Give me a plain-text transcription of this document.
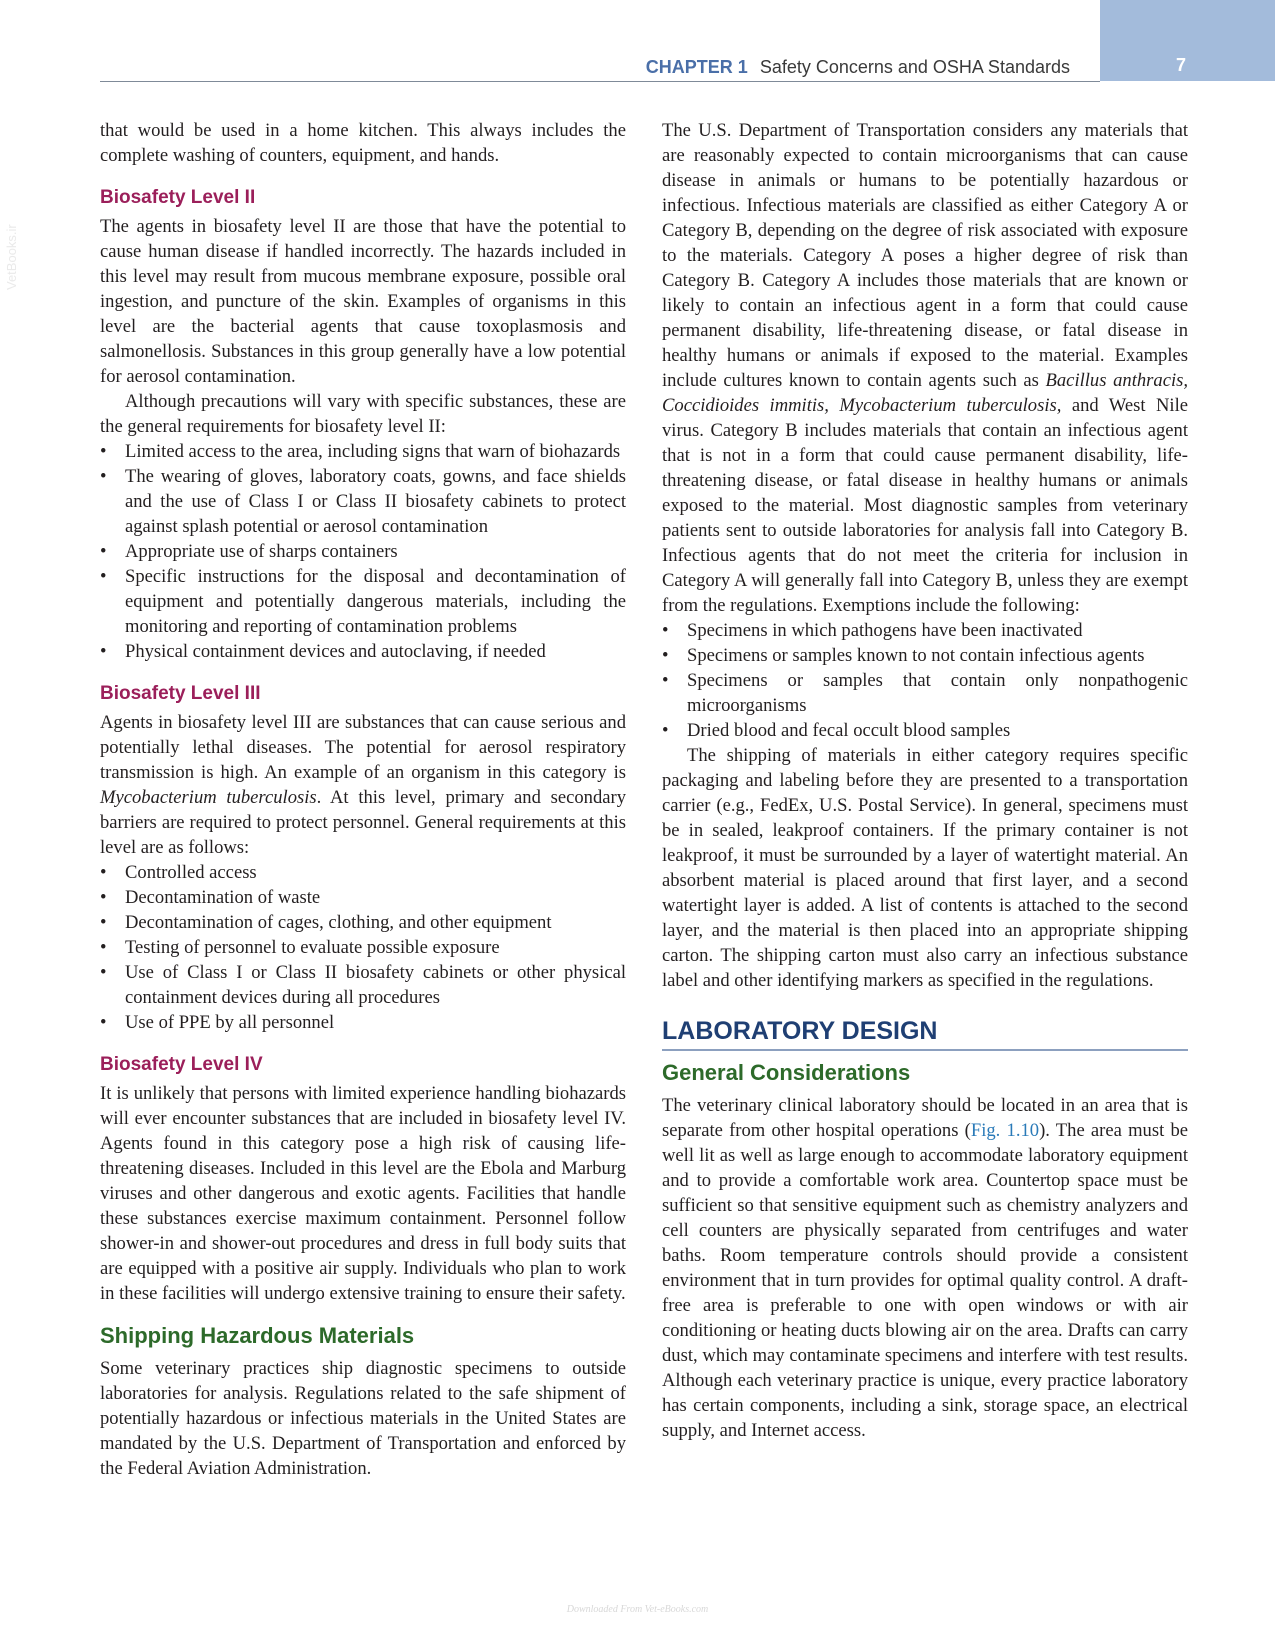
7
CHAPTER 1 Safety Concerns and OSHA Standards
VetBooks.ir

that would be used in a home kitchen. This always includes the complete washing of counters, equipment, and hands.

Biosafety Level II

The agents in biosafety level II are those that have the potential to cause human disease if handled incorrectly. The hazards included in this level may result from mucous membrane exposure, possible oral ingestion, and puncture of the skin. Examples of organisms in this level are the bacterial agents that cause toxoplasmosis and salmonellosis. Substances in this group generally have a low potential for aerosol contamination.

Although precautions will vary with specific substances, these are the general requirements for biosafety level II:

• Limited access to the area, including signs that warn of biohazards
• The wearing of gloves, laboratory coats, gowns, and face shields and the use of Class I or Class II biosafety cabinets to protect against splash potential or aerosol contamination
• Appropriate use of sharps containers
• Specific instructions for the disposal and decontamination of equipment and potentially dangerous materials, including the monitoring and reporting of contamination problems
• Physical containment devices and autoclaving, if needed
Biosafety Level III

Agents in biosafety level III are substances that can cause serious and potentially lethal diseases. The potential for aerosol respiratory transmission is high. An example of an organism in this category is Mycobacterium tuberculosis. At this level, primary and secondary barriers are required to protect personnel. General requirements at this level are as follows:

• Controlled access
• Decontamination of waste
• Decontamination of cages, clothing, and other equipment
• Testing of personnel to evaluate possible exposure
• Use of Class I or Class II biosafety cabinets or other physical containment devices during all procedures
• Use of PPE by all personnel
Biosafety Level IV

It is unlikely that persons with limited experience handling biohazards will ever encounter substances that are included in biosafety level IV. Agents found in this category pose a high risk of causing life-threatening diseases. Included in this level are the Ebola and Marburg viruses and other dangerous and exotic agents. Facilities that handle these substances exercise maximum containment. Personnel follow shower-in and shower-out procedures and dress in full body suits that are equipped with a positive air supply. Individuals who plan to work in these facilities will undergo extensive training to ensure their safety.

Shipping Hazardous Materials

Some veterinary practices ship diagnostic specimens to outside laboratories for analysis. Regulations related to the safe shipment of potentially hazardous or infectious materials in the United States are mandated by the U.S. Department of Transportation and enforced by the Federal Aviation Administration.

The U.S. Department of Transportation considers any materials that are reasonably expected to contain microorganisms that can cause disease in animals or humans to be potentially hazardous or infectious. Infectious materials are classified as either Category A or Category B, depending on the degree of risk associated with exposure to the materials. Category A poses a higher degree of risk than Category B. Category A includes those materials that are known or likely to contain an infectious agent in a form that could cause permanent disability, life-threatening disease, or fatal disease in healthy humans or animals if exposed to the material. Examples include cultures known to contain agents such as Bacillus anthracis, Coccidioides immitis, Mycobacterium tuberculosis, and West Nile virus. Category B includes materials that contain an infectious agent that is not in a form that could cause permanent disability, life-threatening disease, or fatal disease in healthy humans or animals exposed to the material. Most diagnostic samples from veterinary patients sent to outside laboratories for analysis fall into Category B. Infectious agents that do not meet the criteria for inclusion in Category A will generally fall into Category B, unless they are exempt from the regulations. Exemptions include the following:

• Specimens in which pathogens have been inactivated
• Specimens or samples known to not contain infectious agents
• Specimens or samples that contain only nonpathogenic microorganisms
• Dried blood and fecal occult blood samples

The shipping of materials in either category requires specific packaging and labeling before they are presented to a transportation carrier (e.g., FedEx, U.S. Postal Service). In general, specimens must be in sealed, leakproof containers. If the primary container is not leakproof, it must be surrounded by a layer of watertight material. An absorbent material is placed around that first layer, and a second watertight layer is added. A list of contents is attached to the second layer, and the material is then placed into an appropriate shipping carton. The shipping carton must also carry an infectious substance label and other identifying markers as specified in the regulations.

LABORATORY DESIGN
General Considerations

The veterinary clinical laboratory should be located in an area that is separate from other hospital operations (Fig. 1.10). The area must be well lit as well as large enough to accommodate laboratory equipment and to provide a comfortable work area. Countertop space must be sufficient so that sensitive equipment such as chemistry analyzers and cell counters are physically separated from centrifuges and water baths. Room temperature controls should provide a consistent environment that in turn provides for optimal quality control. A draft-free area is preferable to one with open windows or with air conditioning or heating ducts blowing air on the area. Drafts can carry dust, which may contaminate specimens and interfere with test results. Although each veterinary practice is unique, every practice laboratory has certain components, including a sink, storage space, an electrical supply, and Internet access.

Downloaded From Vet-eBooks.com
